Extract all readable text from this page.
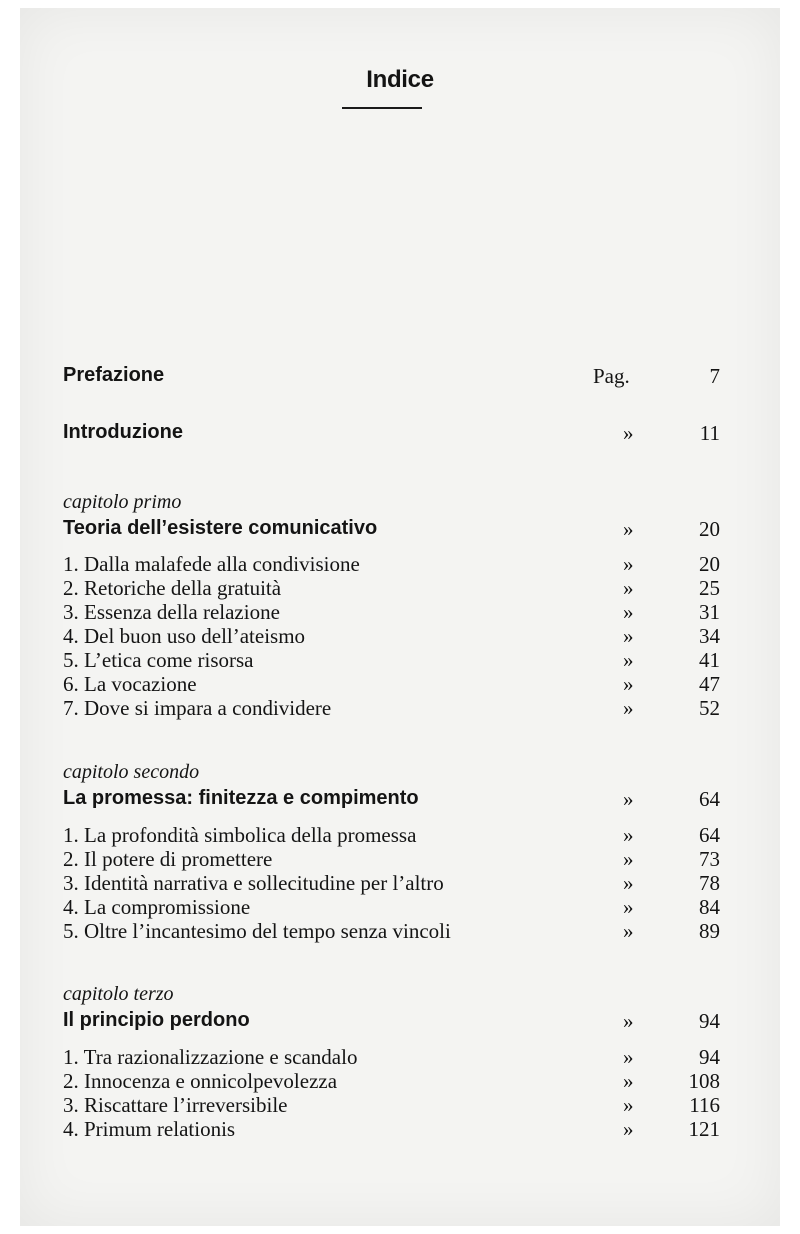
Indice
Prefazione	Pag.	7
Introduzione	»	11
capitolo primo
Teoria dell’esistere comunicativo	»	20
1. Dalla malafede alla condivisione	»	20
2. Retoriche della gratuità	»	25
3. Essenza della relazione	»	31
4. Del buon uso dell’ateismo	»	34
5. L’etica come risorsa	»	41
6. La vocazione	»	47
7. Dove si impara a condividere	»	52
capitolo secondo
La promessa: finitezza e compimento	»	64
1. La profondità simbolica della promessa	»	64
2. Il potere di promettere	»	73
3. Identità narrativa e sollecitudine per l’altro	»	78
4. La compromissione	»	84
5. Oltre l’incantesimo del tempo senza vincoli	»	89
capitolo terzo
Il principio perdono	»	94
1. Tra razionalizzazione e scandalo	»	94
2. Innocenza e onnicolpevolezza	»	108
3. Riscattare l’irreversibile	»	116
4. Primum relationis	»	121
